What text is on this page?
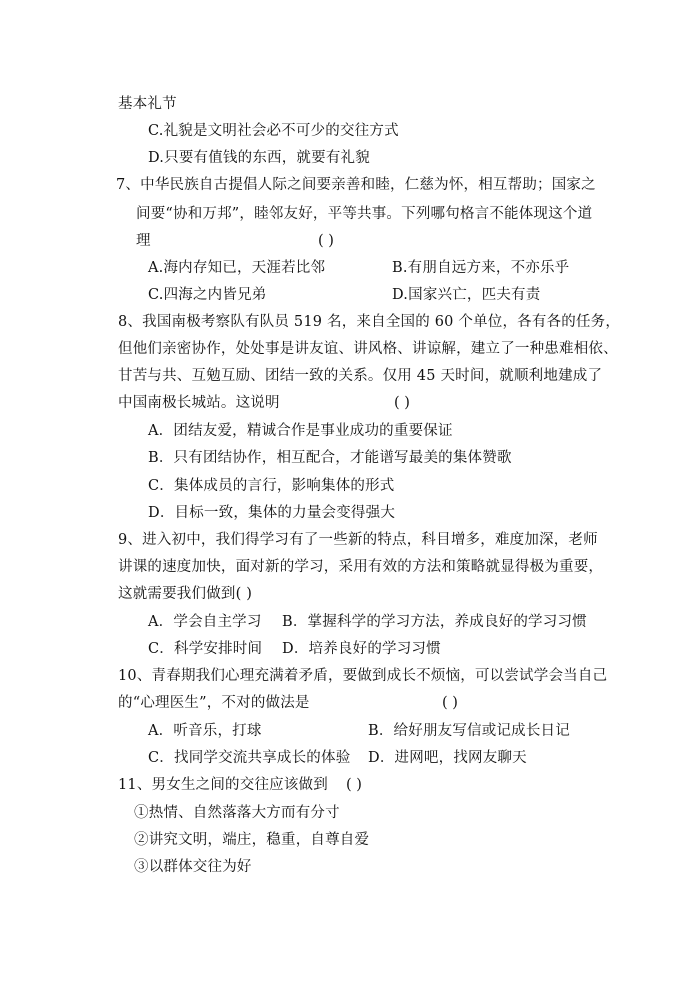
基本礼节
C.礼貌是文明社会必不可少的交往方式
D.只要有值钱的东西，就要有礼貌
7、中华民族自古提倡人际之间要亲善和睦，仁慈为怀，相互帮助；国家之
间要“协和万邦”，睦邻友好，平等共事。下列哪句格言不能体现这个道
理	( )
A.海内存知已，天涯若比邻	B.有朋自远方来，不亦乐乎
C.四海之内皆兄弟	D.国家兴亡，匹夫有责
8、我国南极考察队有队员 519 名，来自全国的 60 个单位，各有各的任务，
但他们亲密协作，处处事是讲友谊、讲风格、讲谅解，建立了一种患难相依、
甘苦与共、互勉互励、团结一致的关系。仅用 45 天时间，就顺利地建成了
中国南极长城站。这说明	( )
A．团结友爱，精诚合作是事业成功的重要保证
B．只有团结协作，相互配合，才能谱写最美的集体赞歌
C．集体成员的言行，影响集体的形式
D．目标一致，集体的力量会变得强大
9、进入初中，我们得学习有了一些新的特点，科目增多，难度加深，老师
讲课的速度加快，面对新的学习，采用有效的方法和策略就显得极为重要，
这就需要我们做到( )
A．学会自主学习 B．掌握科学的学习方法，养成良好的学习习惯
C．科学安排时间 D．培养良好的学习习惯
10、青春期我们心理充满着矛盾，要做到成长不烦恼，可以尝试学会当自己
的“心理医生”，不对的做法是	( )
A．听音乐，打球	B．给好朋友写信或记成长日记
C．找同学交流共享成长的体验 D．进网吧，找网友聊天
11、男女生之间的交往应该做到 ( )
①热情、自然落落大方而有分寸
②讲究文明，端庄，稳重，自尊自爱
③以群体交往为好
